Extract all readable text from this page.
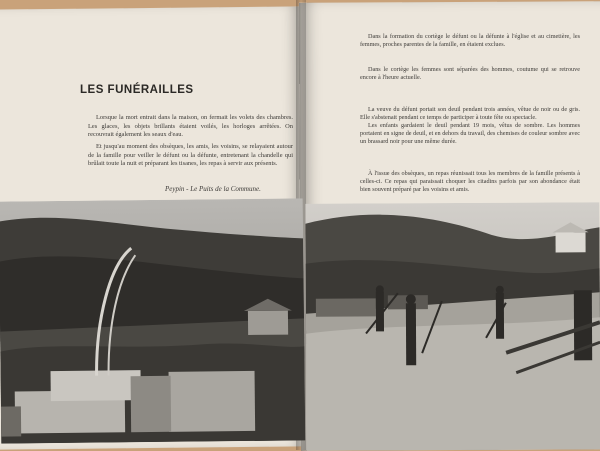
LES FUNÉRAILLES

Lorsque la mort entrait dans la maison, on fermait les volets des chambres. Les glaces, les objets brillants étaient voilés, les horloges arrêtées. On recouvrait également les seaux d'eau.

Et jusqu'au moment des obsèques, les amis, les voisins, se relayaient autour de la famille pour veiller le défunt ou la défunte, entretenant la chandelle qui brûlait toute la nuit et préparant les tisanes, les repas à servir aux présents.

Peypin - Le Puits de la Commune.

Dans la formation du cortège le défunt ou la défunte à l'église et au cimetière, les femmes, proches parentes de la famille, en étaient exclues.

Dans le cortège les femmes sont séparées des hommes, coutume qui se retrouve encore à l'heure actuelle.

La veuve du défunt portait son deuil pendant trois années, vêtue de noir ou de gris. Elle s'abstenait pendant ce temps de participer à toute fête ou spectacle.

Les enfants gardaient le deuil pendant 19 mois, vêtus de sombre. Les hommes portaient en signe de deuil, et en dehors du travail, des chemises de couleur sombre avec un brassard noir pour une même durée.

À l'issue des obsèques, un repas réunissait tous les membres de la famille présents à celles-ci. Ce repas qui paraissait choquer les citadins parfois par son abondance était bien souvent préparé par les voisins et amis.
